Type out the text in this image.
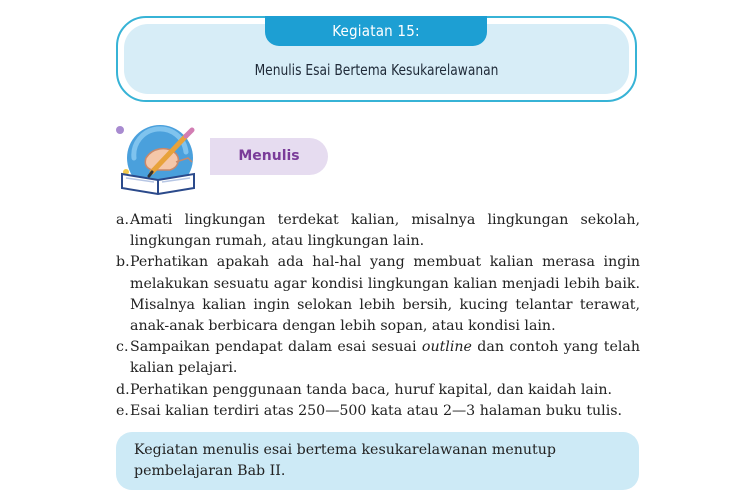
Kegiatan 15:
Menulis Esai Bertema Kesukarelawanan
Menulis
a. Amati lingkungan terdekat kalian, misalnya lingkungan sekolah, lingkungan rumah, atau lingkungan lain.
b. Perhatikan apakah ada hal-hal yang membuat kalian merasa ingin melakukan sesuatu agar kondisi lingkungan kalian menjadi lebih baik. Misalnya kalian ingin selokan lebih bersih, kucing telantar terawat, anak-anak berbicara dengan lebih sopan, atau kondisi lain.
c. Sampaikan pendapat dalam esai sesuai outline dan contoh yang telah kalian pelajari.
d. Perhatikan penggunaan tanda baca, huruf kapital, dan kaidah lain.
e. Esai kalian terdiri atas 250—500 kata atau 2—3 halaman buku tulis.
Kegiatan menulis esai bertema kesukarelawanan menutup pembelajaran Bab II.
